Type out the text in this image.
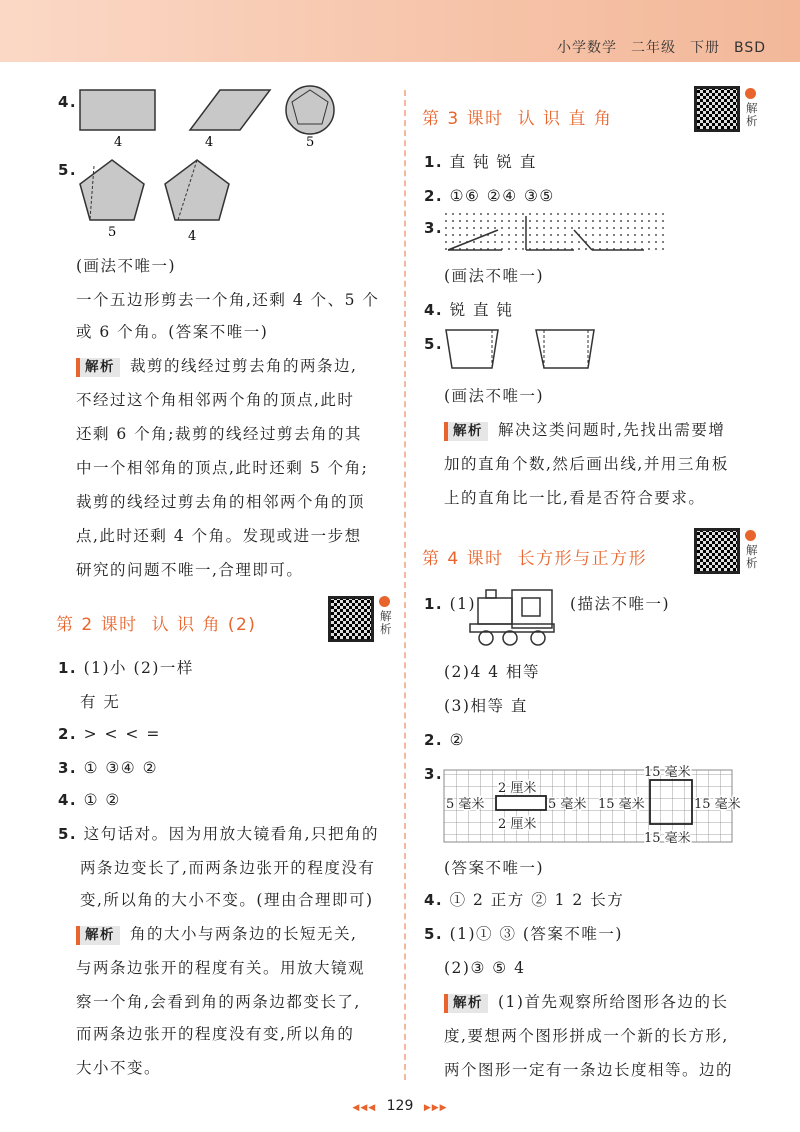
小学数学 二年级 下册 BSD
4.
4	4	5
5.
5	4
(画法不唯一)
一个五边形剪去一个角,还剩 4 个、5 个
或 6 个角。(答案不唯一)
解析 裁剪的线经过剪去角的两条边,
不经过这个角相邻两个角的顶点,此时
还剩 6 个角;裁剪的线经过剪去角的其
中一个相邻角的顶点,此时还剩 5 个角;
裁剪的线经过剪去角的相邻两个角的顶
点,此时还剩 4 个角。发现或进一步想
研究的问题不唯一,合理即可。
第 2 课时 认 识 角 (2)	解析
1. (1)小 (2)一样
有 无
2. > < < =
3. ① ③④ ②
4. ① ②
5. 这句话对。因为用放大镜看角,只把角的
两条边变长了,而两条边张开的程度没有
变,所以角的大小不变。(理由合理即可)
解析 角的大小与两条边的长短无关,
与两条边张开的程度有关。用放大镜观
察一个角,会看到角的两条边都变长了,
而两条边张开的程度没有变,所以角的
大小不变。
第 3 课时 认 识 直 角
解析
1. 直 钝 锐 直
2. ①⑥ ②④ ③⑤
3.
(画法不唯一)
4. 锐 直 钝
5.
(画法不唯一)
解析 解决这类问题时,先找出需要增
加的直角个数,然后画出线,并用三角板
上的直角比一比,看是否符合要求。
第 4 课时 长方形与正方形	解析
1. (1)	(描法不唯一)
(2)4 4 相等
(3)相等 直
2. ②
3.
2 厘米
2 厘米
5 毫米	5 毫米
15 毫米
15 毫米	15 毫米
15 毫米
(答案不唯一)
4. ① 2 正方 ② 1 2 长方
5. (1)① ③ (答案不唯一)
(2)③ ⑤ 4
解析 (1)首先观察所给图形各边的长
度,要想两个图形拼成一个新的长方形,
两个图形一定有一条边长度相等。边的
◀◀◀ 129 ▶▶▶
